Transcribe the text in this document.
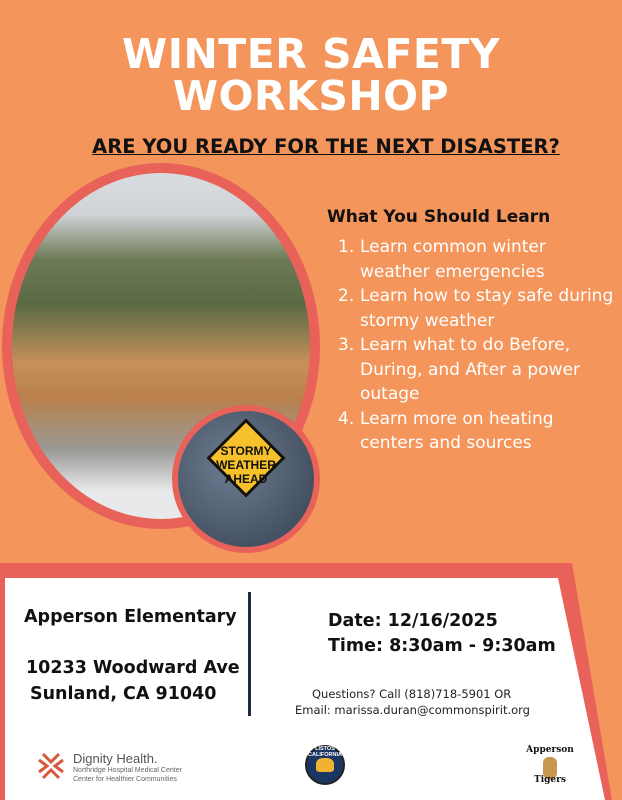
WINTER SAFETY
WORKSHOP
ARE YOU READY FOR THE NEXT DISASTER?
STORMY
WEATHER
AHEAD
What You Should Learn
1. Learn common winter weather emergencies
2. Learn how to stay safe during stormy weather
3. Learn what to do Before, During, and After a power outage
4. Learn more on heating centers and sources
Apperson Elementary
10233 Woodward Ave
Sunland, CA 91040
Date: 12/16/2025
Time: 8:30am - 9:30am
Questions? Call (818)718-5901 OR
Email: marissa.duran@commonspirit.org
Dignity Health.
Northridge Hospital Medical Center
Center for Healthier Communities
LISTOS CALIFORNIA	Apperson
Tigers
